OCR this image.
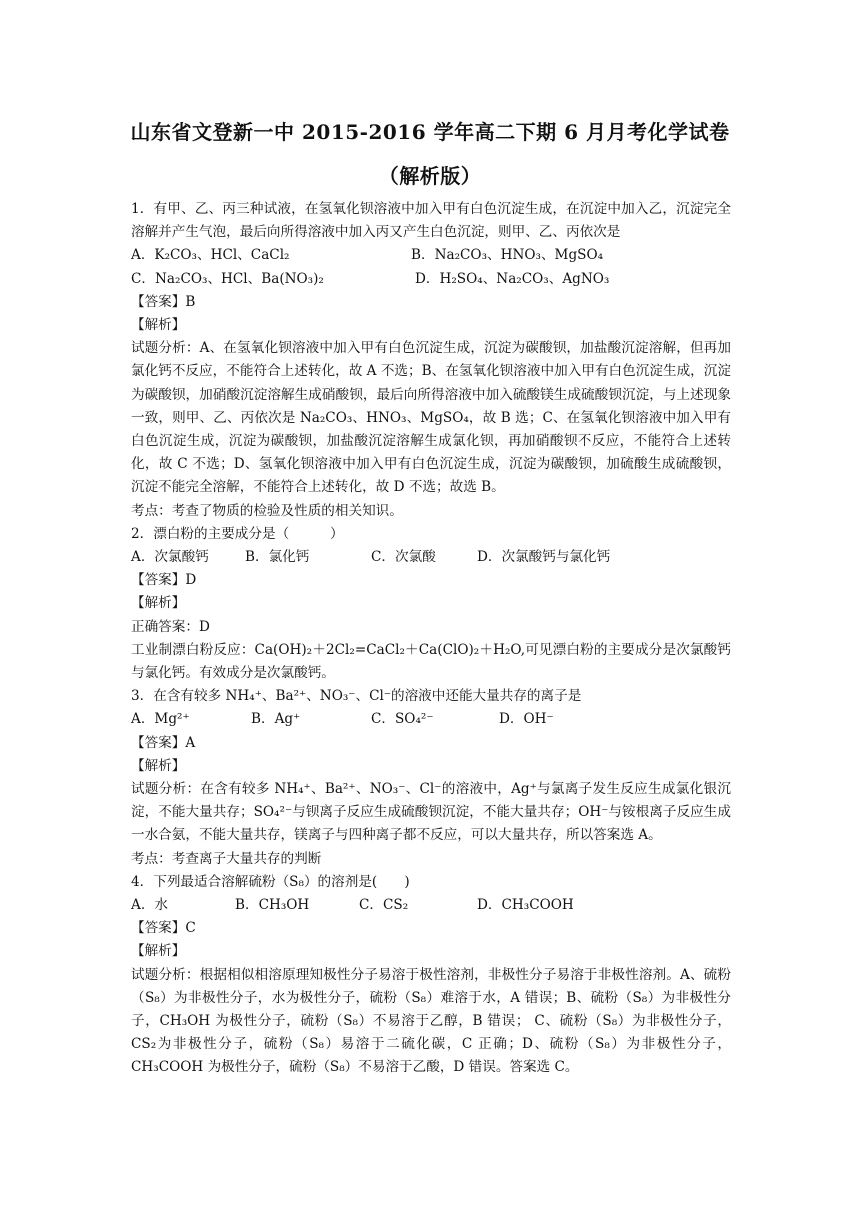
山东省文登新一中 2015-2016 学年高二下期 6 月月考化学试卷
（解析版）

1．有甲、乙、丙三种试液，在氢氧化钡溶液中加入甲有白色沉淀生成，在沉淀中加入乙，沉淀完全溶解并产生气泡，最后向所得溶液中加入丙又产生白色沉淀，则甲、乙、丙依次是

A．K₂CO₃、HCl、CaCl₂	B．Na₂CO₃、HNO₃、MgSO₄
C．Na₂CO₃、HCl、Ba(NO₃)₂	D．H₂SO₄、Na₂CO₃、AgNO₃

【答案】B

【解析】

试题分析：A、在氢氧化钡溶液中加入甲有白色沉淀生成，沉淀为碳酸钡，加盐酸沉淀溶解，但再加氯化钙不反应，不能符合上述转化，故 A 不选；B、在氢氧化钡溶液中加入甲有白色沉淀生成，沉淀为碳酸钡，加硝酸沉淀溶解生成硝酸钡，最后向所得溶液中加入硫酸镁生成硫酸钡沉淀，与上述现象一致，则甲、乙、丙依次是 Na₂CO₃、HNO₃、MgSO₄，故 B 选；C、在氢氧化钡溶液中加入甲有白色沉淀生成，沉淀为碳酸钡，加盐酸沉淀溶解生成氯化钡，再加硝酸钡不反应，不能符合上述转化，故 C 不选；D、氢氧化钡溶液中加入甲有白色沉淀生成，沉淀为碳酸钡，加硫酸生成硫酸钡，沉淀不能完全溶解，不能符合上述转化，故 D 不选；故选 B。

考点：考查了物质的检验及性质的相关知识。

2．漂白粉的主要成分是（　　　）

A．次氯酸钙	B．氯化钙	C．次氯酸	D．次氯酸钙与氯化钙

【答案】D

【解析】

正确答案：D

工业制漂白粉反应：Ca(OH)₂＋2Cl₂=CaCl₂＋Ca(ClO)₂＋H₂O,可见漂白粉的主要成分是次氯酸钙与氯化钙。有效成分是次氯酸钙。

3．在含有较多 NH₄⁺、Ba²⁺、NO₃⁻、Cl⁻的溶液中还能大量共存的离子是

A．Mg²⁺	B．Ag⁺	C．SO₄²⁻	D．OH⁻

【答案】A

【解析】

试题分析：在含有较多 NH₄⁺、Ba²⁺、NO₃⁻、Cl⁻的溶液中，Ag⁺与氯离子发生反应生成氯化银沉淀，不能大量共存；SO₄²⁻与钡离子反应生成硫酸钡沉淀，不能大量共存；OH⁻与铵根离子反应生成一水合氨，不能大量共存，镁离子与四种离子都不反应，可以大量共存，所以答案选 A。

考点：考查离子大量共存的判断

4．下列最适合溶解硫粉（S₈）的溶剂是(　　)

A．水	B．CH₃OH	C．CS₂	D．CH₃COOH

【答案】C

【解析】

试题分析：根据相似相溶原理知极性分子易溶于极性溶剂，非极性分子易溶于非极性溶剂。A、硫粉（S₈）为非极性分子，水为极性分子，硫粉（S₈）难溶于水，A 错误；B、硫粉（S₈）为非极性分子，CH₃OH 为极性分子，硫粉（S₈）不易溶于乙醇，B 错误； C、硫粉（S₈）为非极性分子，CS₂为非极性分子，硫粉（S₈）易溶于二硫化碳，C 正确；D、硫粉（S₈）为非极性分子，CH₃COOH 为极性分子，硫粉（S₈）不易溶于乙酸，D 错误。答案选 C。
